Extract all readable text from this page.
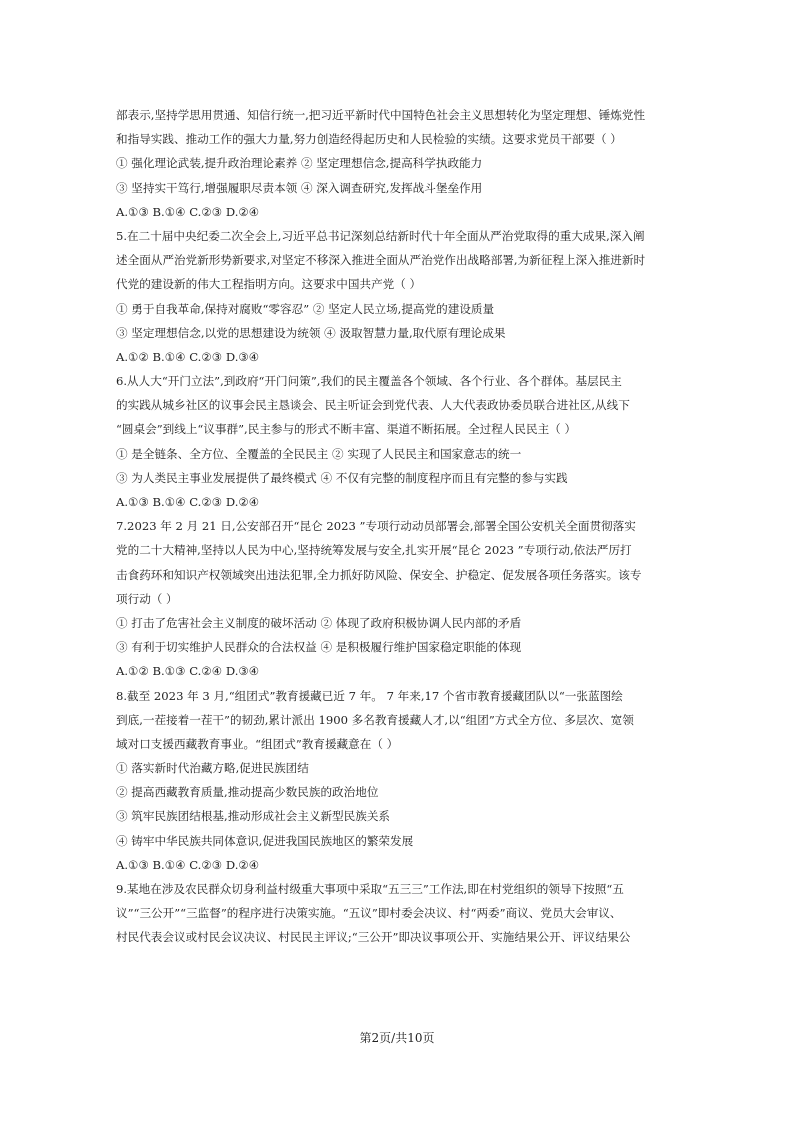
部表示,坚持学思用贯通、知信行统一,把习近平新时代中国特色社会主义思想转化为坚定理想、锤炼党性
和指导实践、推动工作的强大力量,努力创造经得起历史和人民检验的实绩。这要求党员干部要（ ）
① 强化理论武装,提升政治理论素养 ② 坚定理想信念,提高科学执政能力
③ 坚持实干笃行,增强履职尽责本领 ④ 深入调查研究,发挥战斗堡垒作用
A.①③ B.①④ C.②③ D.②④
5.在二十届中央纪委二次全会上,习近平总书记深刻总结新时代十年全面从严治党取得的重大成果,深入阐
述全面从严治党新形势新要求,对坚定不移深入推进全面从严治党作出战略部署,为新征程上深入推进新时
代党的建设新的伟大工程指明方向。这要求中国共产党（ ）
① 勇于自我革命,保持对腐败“零容忍” ② 坚定人民立场,提高党的建设质量
③ 坚定理想信念,以党的思想建设为统领 ④ 汲取智慧力量,取代原有理论成果
A.①② B.①④ C.②③ D.③④
6.从人大“开门立法”,到政府“开门问策”,我们的民主覆盖各个领域、各个行业、各个群体。基层民主
的实践从城乡社区的议事会民主恳谈会、民主听证会到党代表、人大代表政协委员联合进社区,从线下
“圆桌会”到线上“议事群”,民主参与的形式不断丰富、渠道不断拓展。全过程人民民主（ ）
① 是全链条、全方位、全覆盖的全民民主 ② 实现了人民民主和国家意志的统一
③ 为人类民主事业发展提供了最终模式 ④ 不仅有完整的制度程序而且有完整的参与实践
A.①③ B.①④ C.②③ D.②④
7.2023 年 2 月 21 日,公安部召开“昆仑 2023 ”专项行动动员部署会,部署全国公安机关全面贯彻落实
党的二十大精神,坚持以人民为中心,坚持统筹发展与安全,扎实开展“昆仑 2023 ”专项行动,依法严厉打
击食药环和知识产权领域突出违法犯罪,全力抓好防风险、保安全、护稳定、促发展各项任务落实。该专
项行动（ ）
① 打击了危害社会主义制度的破坏活动 ② 体现了政府积极协调人民内部的矛盾
③ 有利于切实维护人民群众的合法权益 ④ 是积极履行维护国家稳定职能的体现
A.①② B.①③ C.②④ D.③④
8.截至 2023 年 3 月,“组团式”教育援藏已近 7 年。 7 年来,17 个省市教育援藏团队以“一张蓝图绘
到底,一茬接着一茬干”的韧劲,累计派出 1900 多名教育援藏人才,以“组团”方式全方位、多层次、宽领
域对口支援西藏教育事业。“组团式”教育援藏意在（ ）
① 落实新时代治藏方略,促进民族团结
② 提高西藏教育质量,推动提高少数民族的政治地位
③ 筑牢民族团结根基,推动形成社会主义新型民族关系
④ 铸牢中华民族共同体意识,促进我国民族地区的繁荣发展
A.①③ B.①④ C.②③ D.②④
9.某地在涉及农民群众切身利益村级重大事项中采取“五三三”工作法,即在村党组织的领导下按照“五
议”“三公开”“三监督”的程序进行决策实施。“五议”即村委会决议、村“两委”商议、党员大会审议、
村民代表会议或村民会议决议、村民民主评议;“三公开”即决议事项公开、实施结果公开、评议结果公
第2页/共10页
